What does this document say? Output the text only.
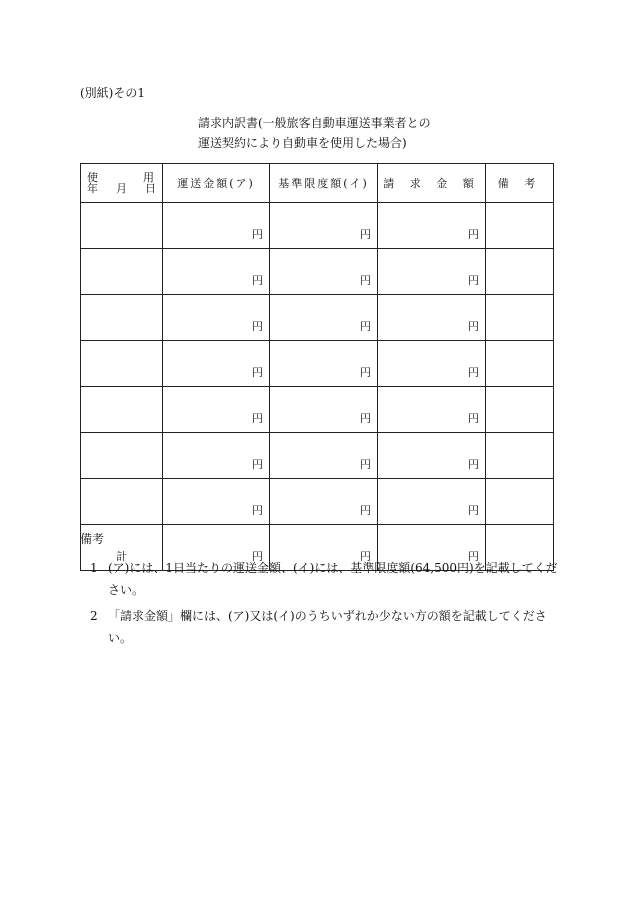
(別紙)その1
請求内訳書(一般旅客自動車運送事業者との
運送契約により自動車を使用した場合)
使 用
年 月 日	運送金額(ア)	基準限度額(イ)	請 求 金 額	備 考
	円	円	円	
	円	円	円	
	円	円	円	
	円	円	円	
	円	円	円	
	円	円	円	
	円	円	円	
計	円	円	円	
備考
1 (ア)には、1日当たりの運送金額、(イ)には、基準限度額(64,500円)を記載してください。
2 「請求金額」欄には、(ア)又は(イ)のうちいずれか少ない方の額を記載してください。
